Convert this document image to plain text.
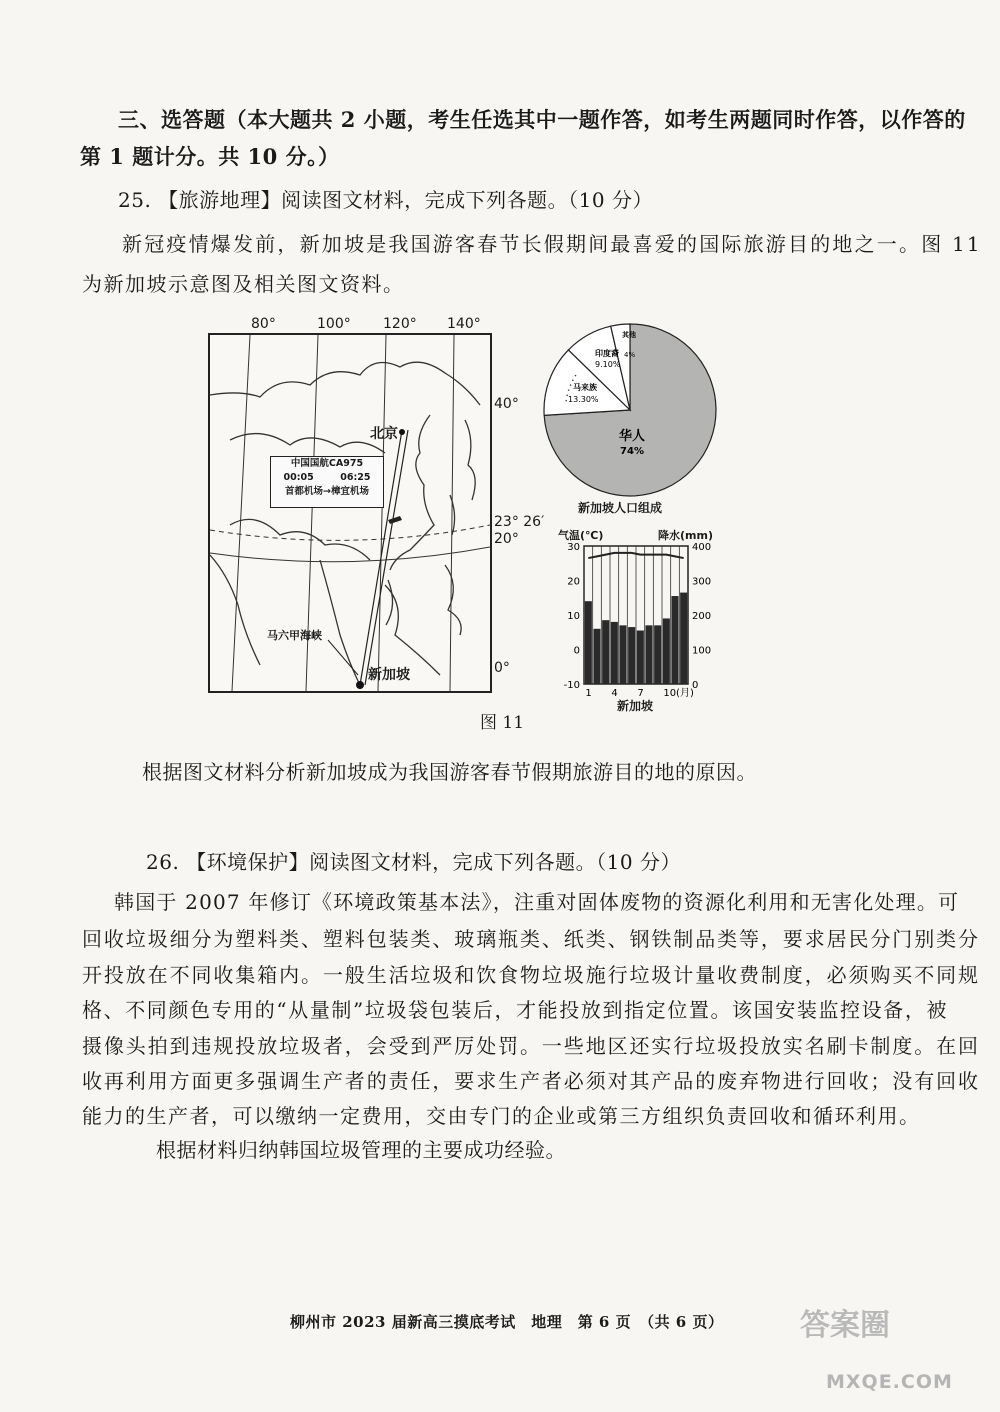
三、选答题（本大题共 2 小题，考生任选其中一题作答，如考生两题同时作答，以作答的
第 1 题计分。共 10 分。）
25. 【旅游地理】阅读图文材料，完成下列各题。（10 分）
新冠疫情爆发前，新加坡是我国游客春节长假期间最喜爱的国际旅游目的地之一。图 11
为新加坡示意图及相关图文资料。
80°	100° 120° 140°
40°
23° 26′
20°
0°
北京
新加坡
马六甲海峡
中国国航CA975
00:05	06:25
首都机场→樟宜机场
华人
74%
马来族
13.30%
印度裔
9.10%
其他
4%
新加坡人口组成
气温(℃)	降水(mm)
30
20
10
0
-10
400
300
200
100
0
1 4 7 10(月)
新加坡
图 11
根据图文材料分析新加坡成为我国游客春节假期旅游目的地的原因。
26. 【环境保护】阅读图文材料，完成下列各题。（10 分）
韩国于 2007 年修订《环境政策基本法》，注重对固体废物的资源化利用和无害化处理。可
回收垃圾细分为塑料类、塑料包装类、玻璃瓶类、纸类、钢铁制品类等，要求居民分门别类分
开投放在不同收集箱内。一般生活垃圾和饮食物垃圾施行垃圾计量收费制度，必须购买不同规
格、不同颜色专用的“从量制”垃圾袋包装后，才能投放到指定位置。该国安装监控设备，被
摄像头拍到违规投放垃圾者，会受到严厉处罚。一些地区还实行垃圾投放实名刷卡制度。在回
收再利用方面更多强调生产者的责任，要求生产者必须对其产品的废弃物进行回收；没有回收
能力的生产者，可以缴纳一定费用，交由专门的企业或第三方组织负责回收和循环利用。
根据材料归纳韩国垃圾管理的主要成功经验。
柳州市 2023 届新高三摸底考试　地理　第 6 页　（共 6 页）	答案圈
MXQE.COM
